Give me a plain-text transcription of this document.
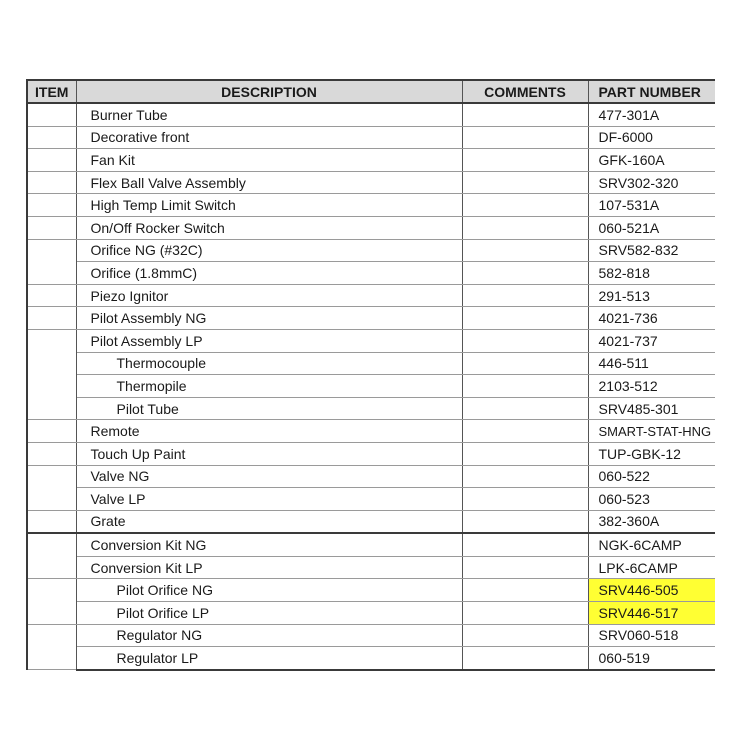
ITEM	DESCRIPTION	COMMENTS	PART NUMBER
	Burner Tube		477-301A
	Decorative front		DF-6000
	Fan Kit		GFK-160A
	Flex Ball Valve Assembly		SRV302-320
	High Temp Limit Switch		107-531A
	On/Off Rocker Switch		060-521A
	Orifice NG (#32C)		SRV582-832
	Orifice (1.8mmC)		582-818
	Piezo Ignitor		291-513
	Pilot Assembly NG		4021-736
	Pilot Assembly LP		4021-737
	Thermocouple		446-511
	Thermopile		2103-512
	Pilot Tube		SRV485-301
	Remote		SMART-STAT-HNG
	Touch Up Paint		TUP-GBK-12
	Valve NG		060-522
	Valve LP		060-523
	Grate		382-360A
	Conversion Kit NG		NGK-6CAMP
	Conversion Kit LP		LPK-6CAMP
	Pilot Orifice NG		SRV446-505
	Pilot Orifice LP		SRV446-517
	Regulator NG		SRV060-518
	Regulator LP		060-519
